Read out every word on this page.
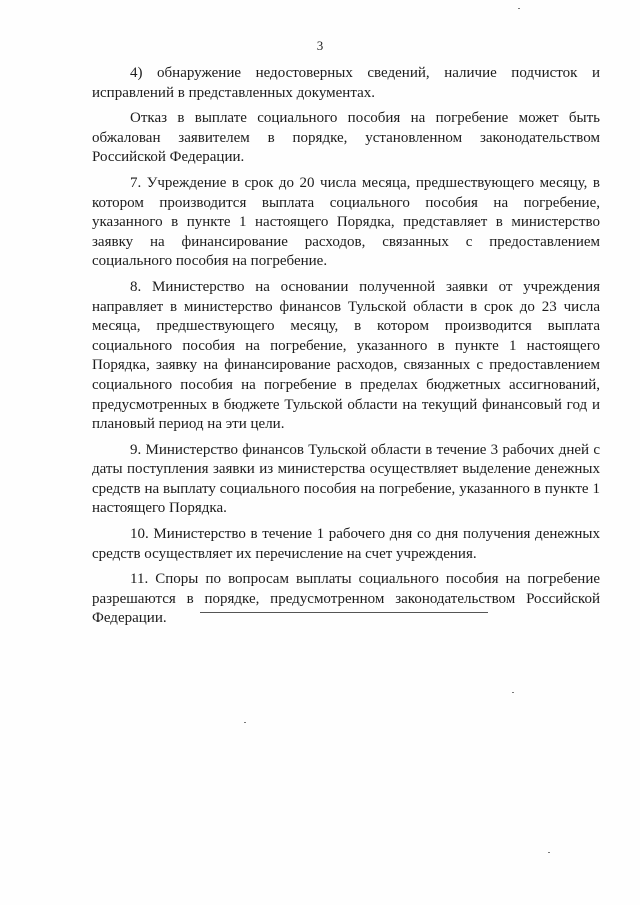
3

4) обнаружение недостоверных сведений, наличие подчисток и исправлений в представленных документах.

Отказ в выплате социального пособия на погребение может быть обжалован заявителем в порядке, установленном законодательством Российской Федерации.

7. Учреждение в срок до 20 числа месяца, предшествующего месяцу, в котором производится выплата социального пособия на погребение, указанного в пункте 1 настоящего Порядка, представляет в министерство заявку на финансирование расходов, связанных с предоставлением социального пособия на погребение.

8. Министерство на основании полученной заявки от учреждения направляет в министерство финансов Тульской области в срок до 23 числа месяца, предшествующего месяцу, в котором производится выплата социального пособия на погребение, указанного в пункте 1 настоящего Порядка, заявку на финансирование расходов, связанных с предоставлением социального пособия на погребение в пределах бюджетных ассигнований, предусмотренных в бюджете Тульской области на текущий финансовый год и плановый период на эти цели.

9. Министерство финансов Тульской области в течение 3 рабочих дней с даты поступления заявки из министерства осуществляет выделение денежных средств на выплату социального пособия на погребение, указанного в пункте 1 настоящего Порядка.

10. Министерство в течение 1 рабочего дня со дня получения денежных средств осуществляет их перечисление на счет учреждения.

11. Споры по вопросам выплаты социального пособия на погребение разрешаются в порядке, предусмотренном законодательством Российской Федерации.
